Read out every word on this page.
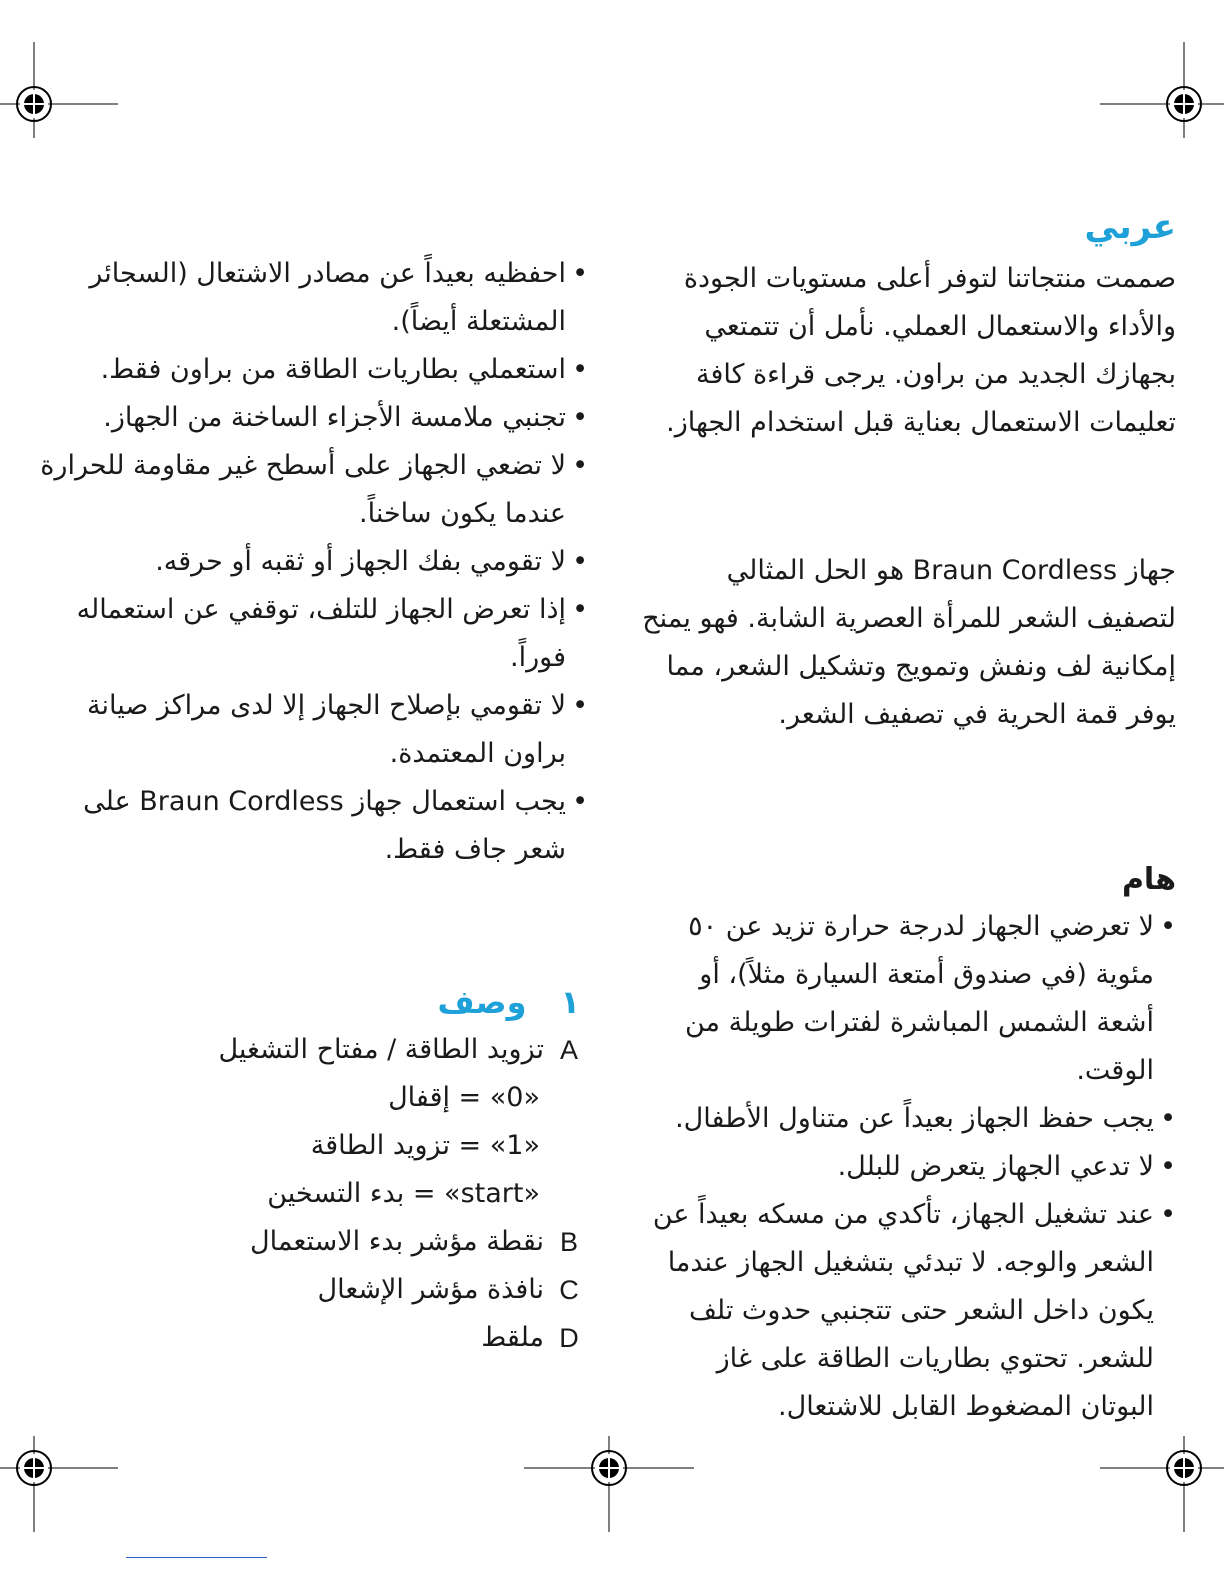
عربي

صممت منتجاتنا لتوفر أعلى مستويات الجودة والأداء والاستعمال العملي. نأمل أن تتمتعي بجهازك الجديد من براون. يرجى قراءة كافة تعليمات الاستعمال بعناية قبل استخدام الجهاز.

جهاز Braun Cordless هو الحل المثالي لتصفيف الشعر للمرأة العصرية الشابة. فهو يمنح إمكانية لف ونفش وتمويج وتشكيل الشعر، مما يوفر قمة الحرية في تصفيف الشعر.

هام
• لا تعرضي الجهاز لدرجة حرارة تزيد عن ٥٠ مئوية (في صندوق أمتعة السيارة مثلاً)، أو أشعة الشمس المباشرة لفترات طويلة من الوقت.
• يجب حفظ الجهاز بعيداً عن متناول الأطفال.
• لا تدعي الجهاز يتعرض للبلل.
• عند تشغيل الجهاز، تأكدي من مسكه بعيداً عن الشعر والوجه. لا تبدئي بتشغيل الجهاز عندما يكون داخل الشعر حتى تتجنبي حدوث تلف للشعر. تحتوي بطاريات الطاقة على غاز البوتان المضغوط القابل للاشتعال.
• احفظيه بعيداً عن مصادر الاشتعال (السجائر المشتعلة أيضاً).
• استعملي بطاريات الطاقة من براون فقط.
• تجنبي ملامسة الأجزاء الساخنة من الجهاز.
• لا تضعي الجهاز على أسطح غير مقاومة للحرارة عندما يكون ساخناً.
• لا تقومي بفك الجهاز أو ثقبه أو حرقه.
• إذا تعرض الجهاز للتلف، توقفي عن استعماله فوراً.
• لا تقومي بإصلاح الجهاز إلا لدى مراكز صيانة براون المعتمدة.
• يجب استعمال جهاز Braun Cordless على شعر جاف فقط.
١
وصف
A
تزويد الطاقة / مفتاح التشغيل
«0» = إقفال
«1» = تزويد الطاقة
«start» = بدء التسخين
B
نقطة مؤشر بدء الاستعمال
C
نافذة مؤشر الإشعال
D
ملقط
